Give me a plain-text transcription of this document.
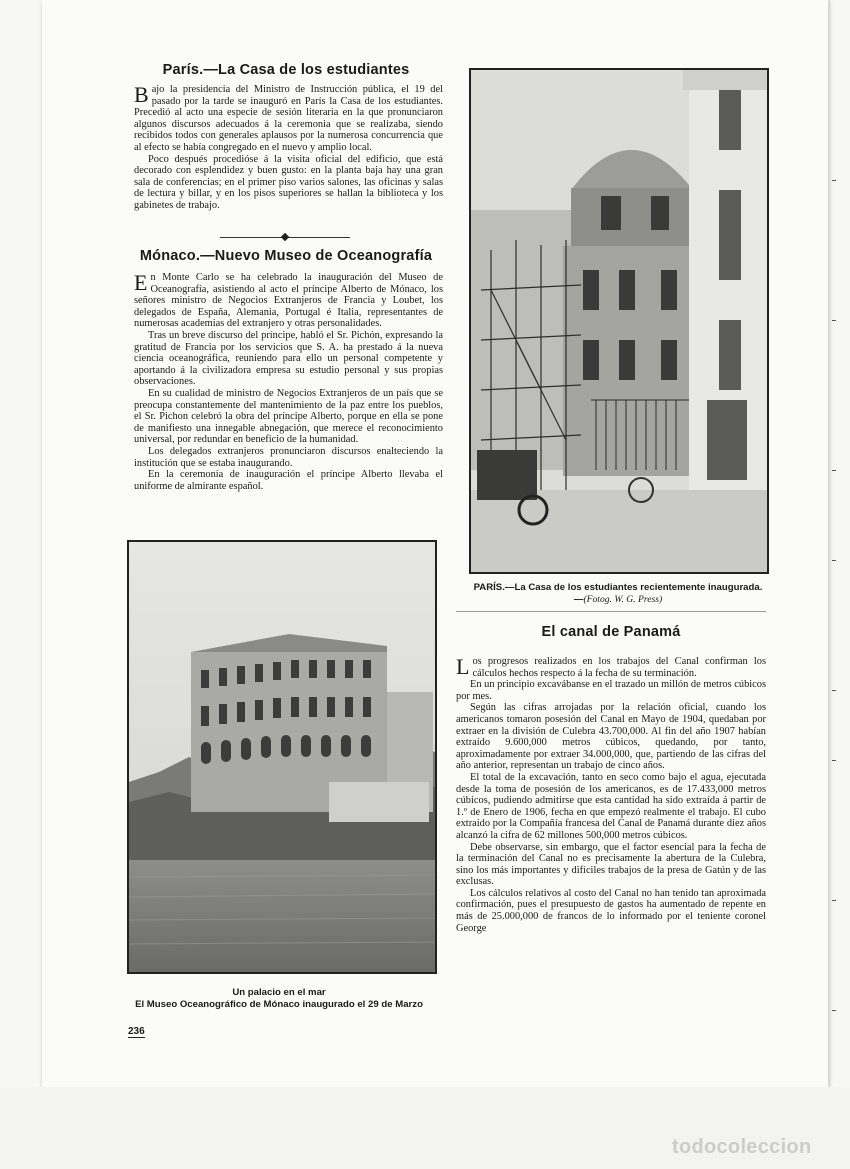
París.—La Casa de los estudiantes

Bajo la presidencia del Ministro de Instrucción pública, el 19 del pasado por la tarde se inauguró en París la Casa de los estudiantes. Precedió al acto una especie de sesión literaria en la que pronunciaron algunos discursos adecuados á la ceremonia que se realizaba, siendo recibidos todos con generales aplausos por la numerosa concurrencia que al efecto se había congregado en el nuevo y amplio local.

Poco después procedióse á la visita oficial del edificio, que está decorado con esplendidez y buen gusto: en la planta baja hay una gran sala de conferencias; en el primer piso varios salones, las oficinas y salas de lectura y billar, y en los pisos superiores se hallan la biblioteca y los gabinetes de trabajo.

Mónaco.—Nuevo Museo de Oceanografía

En Monte Carlo se ha celebrado la inauguración del Museo de Oceanografía, asistiendo al acto el príncipe Alberto de Mónaco, los señores ministro de Negocios Extranjeros de Francia y Loubet, los delegados de España, Alemania, Portugal é Italia, representantes de numerosas academias del extranjero y otras personalidades.

Tras un breve discurso del príncipe, habló el Sr. Pichón, expresando la gratitud de Francia por los servicios que S. A. ha prestado á la nueva ciencia oceanográfica, reuniendo para ello un personal competente y aportando á la civilizadora empresa su estudio personal y sus propias observaciones.

En su cualidad de ministro de Negocios Extranjeros de un país que se preocupa constantemente del mantenimiento de la paz entre los pueblos, el Sr. Pichon celebró la obra del príncipe Alberto, porque en ella se pone de manifiesto una innegable abnegación, que merece el reconocimiento universal, por redundar en beneficio de la humanidad.

Los delegados extranjeros pronunciaron discursos enalteciendo la institución que se estaba inaugurando.

En la ceremonia de inauguración el príncipe Alberto llevaba el uniforme de almirante español.

Un palacio en el mar
El Museo Oceanográfico de Mónaco inaugurado el 29 de Marzo
236
PARÍS.—La Casa de los estudiantes recientemente inaugurada.—(Fotog. W. G. Press)
El canal de Panamá

Los progresos realizados en los trabajos del Canal confirman los cálculos hechos respecto á la fecha de su terminación.

En un principio excavábanse en el trazado un millón de metros cúbicos por mes.

Según las cifras arrojadas por la relación oficial, cuando los americanos tomaron posesión del Canal en Mayo de 1904, quedaban por extraer en la división de Culebra 43.700,000. Al fin del año 1907 habían extraído 9.600,000 metros cúbicos, quedando, por tanto, aproximadamente por extraer 34.000,000, que, partiendo de las cifras del año anterior, representan un trabajo de cinco años.

El total de la excavación, tanto en seco como bajo el agua, ejecutada desde la toma de posesión de los americanos, es de 17.433,000 metros cúbicos, pudiendo admitirse que esta cantidad ha sido extraída á partir de 1.º de Enero de 1906, fecha en que empezó realmente el trabajo. El cubo extraído por la Compañía francesa del Canal de Panamá durante diez años alcanzó la cifra de 62 millones 500,000 metros cúbicos.

Debe observarse, sin embargo, que el factor esencial para la fecha de la terminación del Canal no es precisamente la abertura de la Culebra, sino los más importantes y difíciles trabajos de la presa de Gatún y de las exclusas.

Los cálculos relativos al costo del Canal no han tenido tan aproximada confirmación, pues el presupuesto de gastos ha aumentado de repente en más de 25.000,000 de francos de lo informado por el teniente coronel George

todocoleccion
